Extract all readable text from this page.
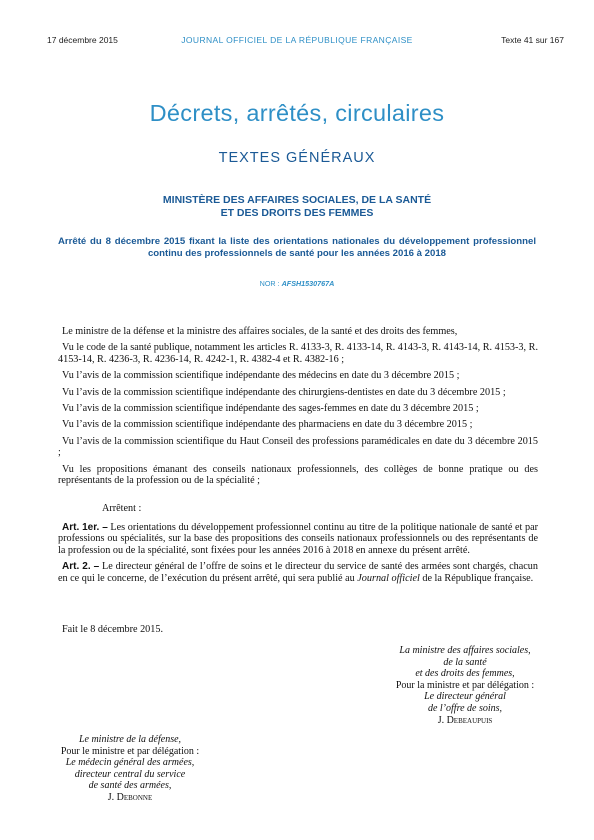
17 décembre 2015	JOURNAL OFFICIEL DE LA RÉPUBLIQUE FRANÇAISE	Texte 41 sur 167
Décrets, arrêtés, circulaires
TEXTES GÉNÉRAUX
MINISTÈRE DES AFFAIRES SOCIALES, DE LA SANTÉ
ET DES DROITS DES FEMMES
Arrêté du 8 décembre 2015 fixant la liste des orientations nationales du développement professionnel continu des professionnels de santé pour les années 2016 à 2018
NOR : AFSH1530767A

Le ministre de la défense et la ministre des affaires sociales, de la santé et des droits des femmes,

Vu le code de la santé publique, notamment les articles R. 4133-3, R. 4133-14, R. 4143-3, R. 4143-14, R. 4153-3, R. 4153-14, R. 4236-3, R. 4236-14, R. 4242-1, R. 4382-4 et R. 4382-16 ;

Vu l’avis de la commission scientifique indépendante des médecins en date du 3 décembre 2015 ;

Vu l’avis de la commission scientifique indépendante des chirurgiens-dentistes en date du 3 décembre 2015 ;

Vu l’avis de la commission scientifique indépendante des sages-femmes en date du 3 décembre 2015 ;

Vu l’avis de la commission scientifique indépendante des pharmaciens en date du 3 décembre 2015 ;

Vu l’avis de la commission scientifique du Haut Conseil des professions paramédicales en date du 3 décembre 2015 ;

Vu les propositions émanant des conseils nationaux professionnels, des collèges de bonne pratique ou des représentants de la profession ou de la spécialité ;

Arrêtent :

Art. 1er. – Les orientations du développement professionnel continu au titre de la politique nationale de santé et par professions ou spécialités, sur la base des propositions des conseils nationaux professionnels ou des représentants de la profession ou de la spécialité, sont fixées pour les années 2016 à 2018 en annexe du présent arrêté.

Art. 2. – Le directeur général de l’offre de soins et le directeur du service de santé des armées sont chargés, chacun en ce qui le concerne, de l’exécution du présent arrêté, qui sera publié au Journal officiel de la République française.

Fait le 8 décembre 2015.
La ministre des affaires sociales,
de la santé
et des droits des femmes,
Pour la ministre et par délégation :
Le directeur général
de l’offre de soins,
J. Debeaupuis
Le ministre de la défense,
Pour le ministre et par délégation :
Le médecin général des armées,
directeur central du service
de santé des armées,
J. Debonne
